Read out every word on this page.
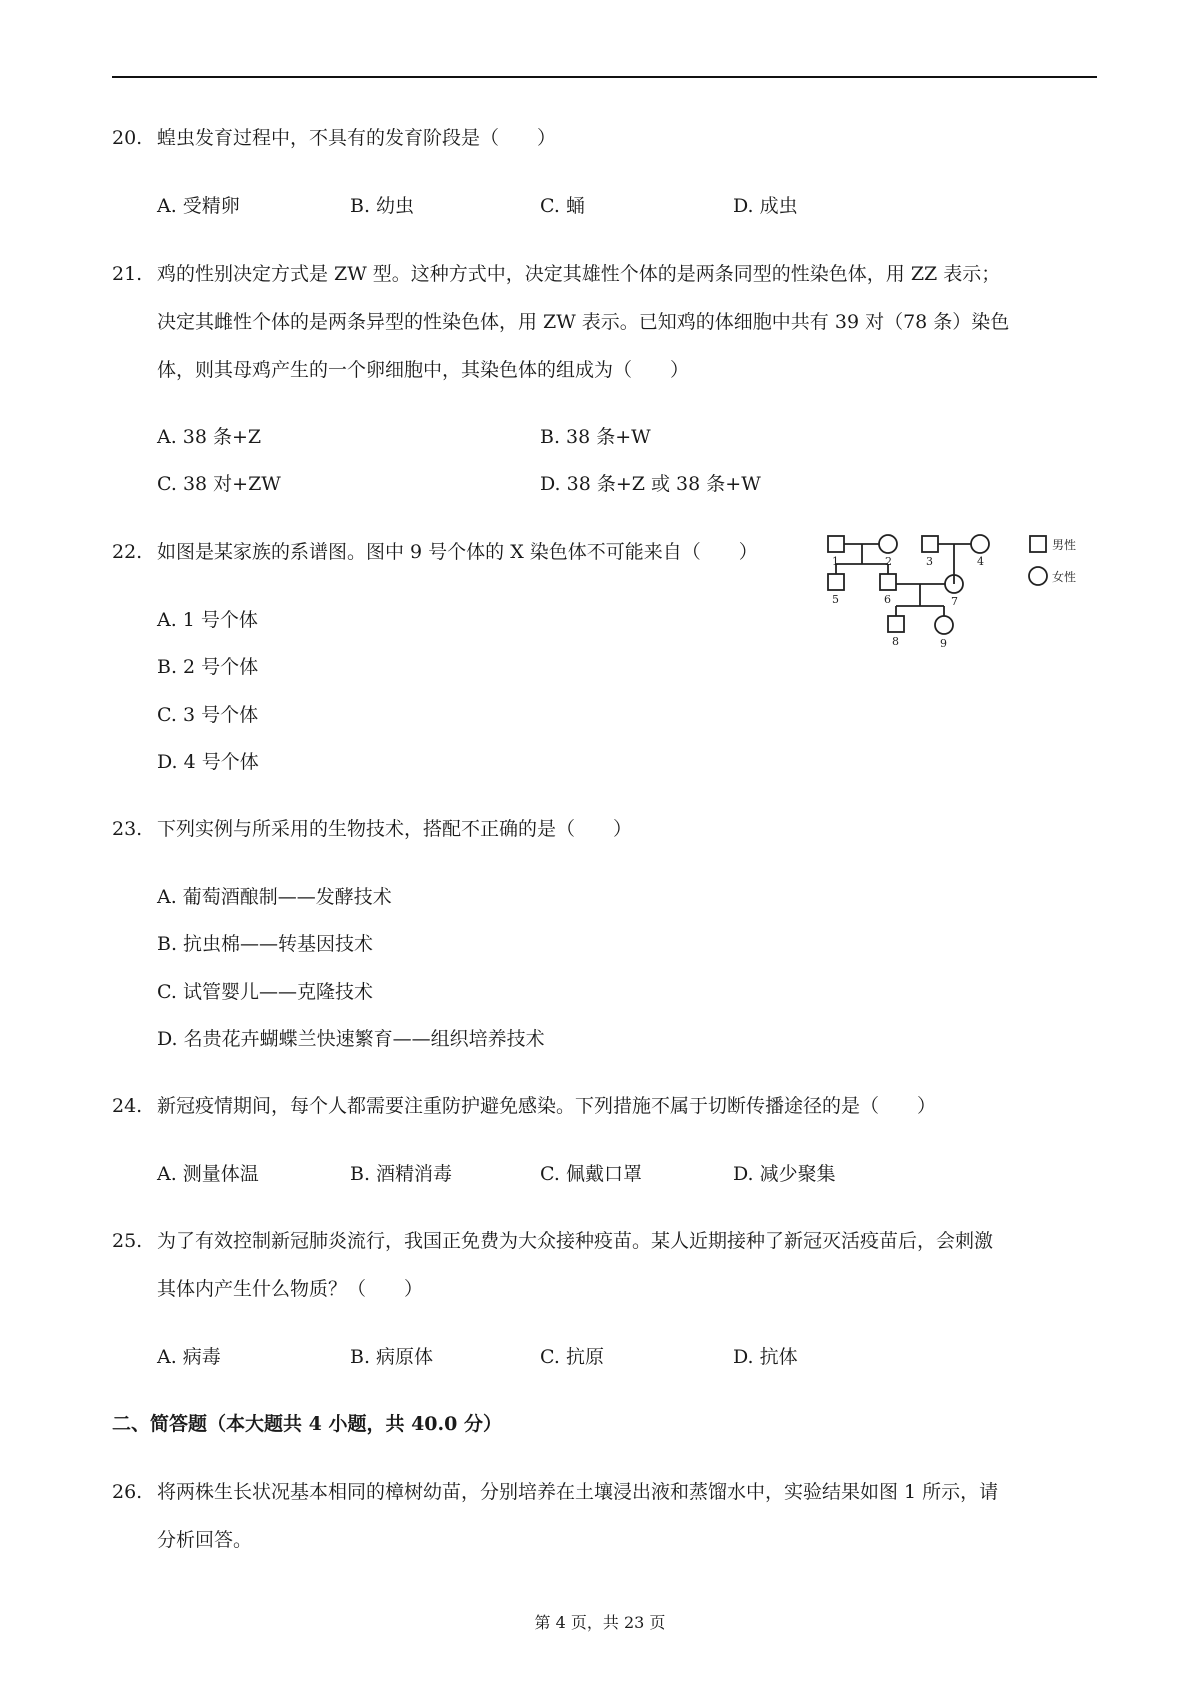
20. 蝗虫发育过程中，不具有的发育阶段是（　　）
A. 受精卵	B. 幼虫	C. 蛹	D. 成虫
21. 鸡的性别决定方式是 ZW 型。这种方式中，决定其雄性个体的是两条同型的性染色体，用 ZZ 表示；
决定其雌性个体的是两条异型的性染色体，用 ZW 表示。已知鸡的体细胞中共有 39 对（78 条）染色
体，则其母鸡产生的一个卵细胞中，其染色体的组成为（　　）
A. 38 条+Z	B. 38 条+W
C. 38 对+ZW	D. 38 条+Z 或 38 条+W
22. 如图是某家族的系谱图。图中 9 号个体的 X 染色体不可能来自（　　）
A. 1 号个体
B. 2 号个体
C. 3 号个体
D. 4 号个体
1	2	3	4
5	6	7
8	9
男性
女性
23. 下列实例与所采用的生物技术，搭配不正确的是（　　）
A. 葡萄酒酿制——发酵技术
B. 抗虫棉——转基因技术
C. 试管婴儿——克隆技术
D. 名贵花卉蝴蝶兰快速繁育——组织培养技术
24. 新冠疫情期间，每个人都需要注重防护避免感染。下列措施不属于切断传播途径的是（　　）
A. 测量体温	B. 酒精消毒	C. 佩戴口罩	D. 减少聚集
25. 为了有效控制新冠肺炎流行，我国正免费为大众接种疫苗。某人近期接种了新冠灭活疫苗后，会刺激
其体内产生什么物质？（　　）
A. 病毒	B. 病原体	C. 抗原	D. 抗体
二、简答题（本大题共 4 小题，共 40.0 分）
26. 将两株生长状况基本相同的樟树幼苗，分别培养在土壤浸出液和蒸馏水中，实验结果如图 1 所示，请
分析回答。
第 4 页，共 23 页
